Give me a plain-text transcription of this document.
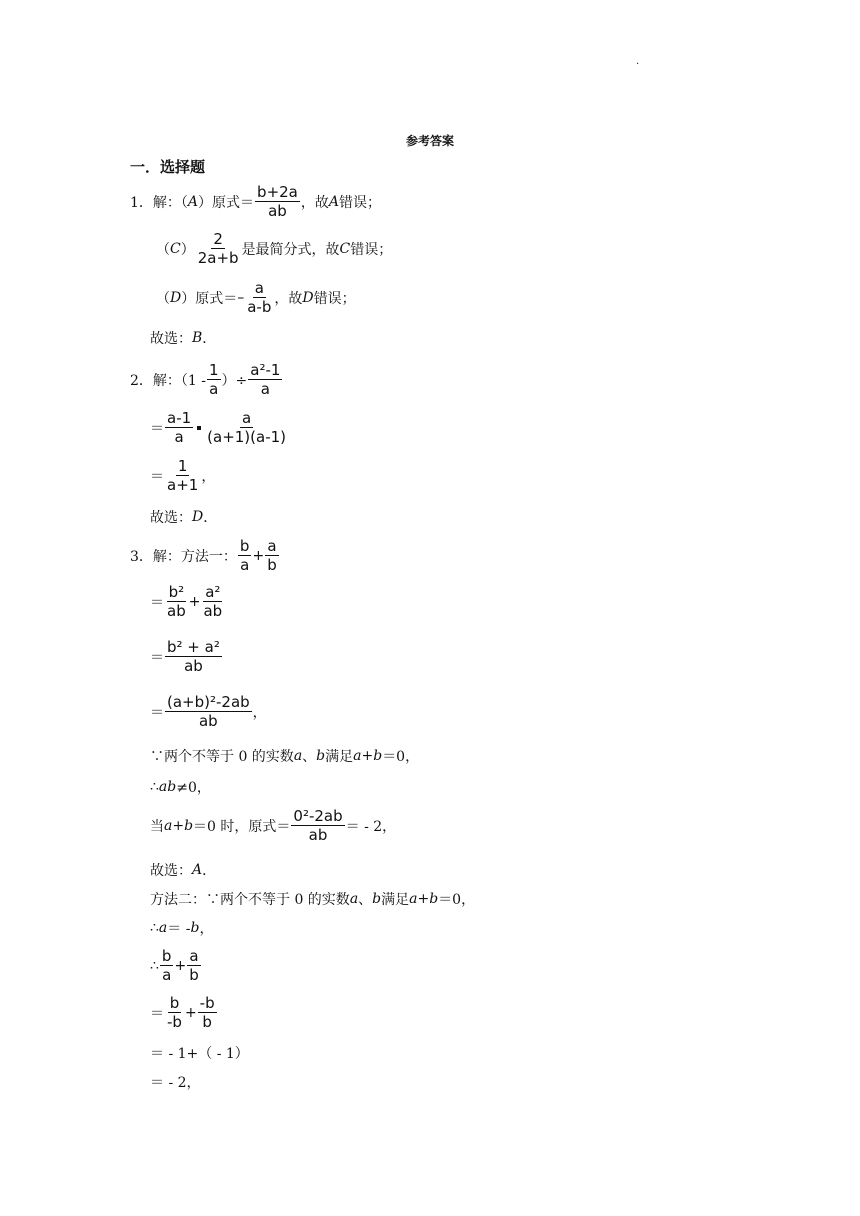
.
参考答案
一．选择题
1．解：（ A ）原式＝ $\frac{b+2a}{ab}$ ，故 A 错误；
（ C ） $\frac{2}{2a+b}$ 是最简分式，故 C 错误；
（ D ）原式＝ – $\frac{a}{a-b}$ ，故 D 错误；
故选： B ．
2．解：（$1 - \frac{1}{a}$ ）÷ $\frac{\text{a²-1}}{a}$
＝ $\frac{a-1}{a} \frac{a}{(a+1)(a-1)}$
＝ $\frac{1}{a+1}$ ，
故选： D ．
3．解：方法一： $\frac{b}{a} + \frac{a}{b}$
＝ $\frac{\text{b²}}{ab} + \frac{\text{a²}}{ab}$
＝ $\frac{\text{b² + a²}}{ab}$
＝ $\frac{\text{(a+b)²-2ab}}{ab}$ ，
∵两个不等于 0 的实数 a 、 b 满足 a+b ＝0，
∴ ab ≠0，
当 a+b ＝0 时，原式＝ $\frac{\text{0²-2ab}}{ab}$ ＝ - 2，
故选： A ．
方法二：∵两个不等于 0 的实数 a 、 b 满足 a+b ＝0，
∴ a ＝ - b ，
∴ $\frac{b}{a} + \frac{a}{b}$
＝ $\frac{b}{-b} + \frac{-b}{b}$
＝ - 1+（ - 1）
＝ - 2，
